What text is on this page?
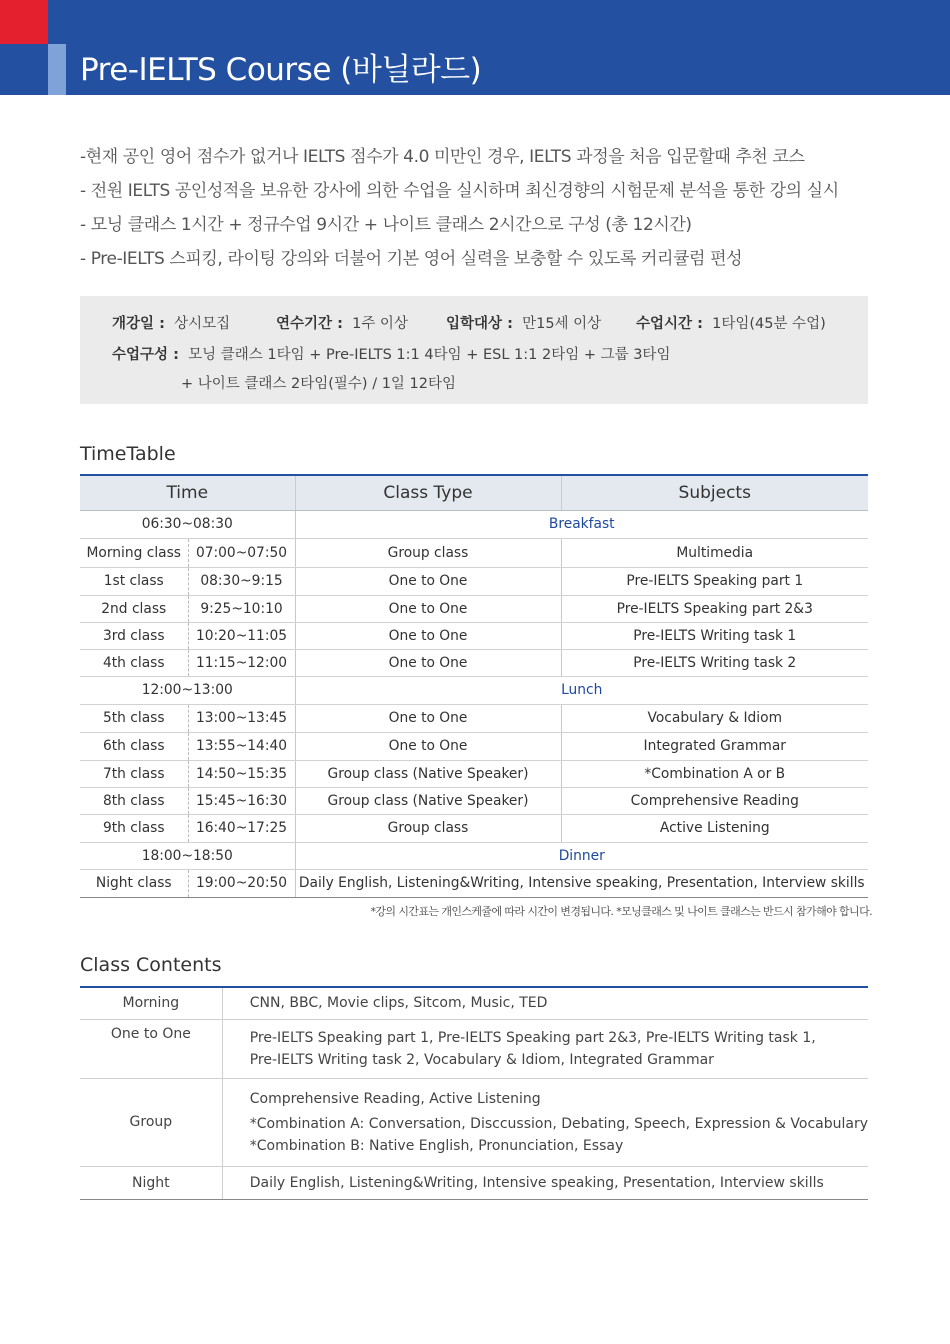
Pre-IELTS Course (바닐라드)
-현재 공인 영어 점수가 없거나 IELTS 점수가 4.0 미만인 경우, IELTS 과정을 처음 입문할때 추천 코스
- 전원 IELTS 공인성적을 보유한 강사에 의한 수업을 실시하며 최신경향의 시험문제 분석을 통한 강의 실시
- 모닝 클래스 1시간 + 정규수업 9시간 + 나이트 클래스 2시간으로 구성 (총 12시간)
- Pre-IELTS 스피킹, 라이팅 강의와 더불어 기본 영어 실력을 보충할 수 있도록 커리큘럼 편성
개강일 : 상시모집	연수기간 : 1주 이상	입학대상 : 만15세 이상 수업시간 : 1타임(45분 수업)
수업구성 : 모닝 클래스 1타임 + Pre-IELTS 1:1 4타임 + ESL 1:1 2타임 + 그룹 3타임
+ 나이트 클래스 2타임(필수) / 1일 12타임
TimeTable
Time		Class Type	Subjects
06:30~08:30		Breakfast	
Morning class	07:00~07:50	Group class	Multimedia
1st class	08:30~9:15	One to One	Pre-IELTS Speaking part 1
2nd class	9:25~10:10	One to One	Pre-IELTS Speaking part 2&3
3rd class	10:20~11:05	One to One	Pre-IELTS Writing task 1
4th class	11:15~12:00	One to One	Pre-IELTS Writing task 2
12:00~13:00		Lunch	
5th class	13:00~13:45	One to One	Vocabulary & Idiom
6th class	13:55~14:40	One to One	Integrated Grammar
7th class	14:50~15:35	Group class (Native Speaker)	*Combination A or B
8th class	15:45~16:30	Group class (Native Speaker)	Comprehensive Reading
9th class	16:40~17:25	Group class	Active Listening
18:00~18:50		Dinner	
Night class	19:00~20:50	Daily English, Listening&Writing, Intensive speaking, Presentation, Interview skills	
*강의 시간표는 개인스케쥴에 따라 시간이 변경됩니다. *모닝클래스 및 나이트 클래스는 반드시 참가해야 합니다.
Class Contents
Morning	CNN, BBC, Movie clips, Sitcom, Music, TED

One to One	Pre-IELTS Speaking part 1, Pre-IELTS Speaking part 2&3, Pre-IELTS Writing task 1,
Pre-IELTS Writing task 2, Vocabulary & Idiom, Integrated Grammar

Group	Comprehensive Reading, Active Listening
*Combination A: Conversation, Disccussion, Debating, Speech, Expression & Vocabulary
*Combination B: Native English, Pronunciation, Essay

Night	Daily English, Listening&Writing, Intensive speaking, Presentation, Interview skills
